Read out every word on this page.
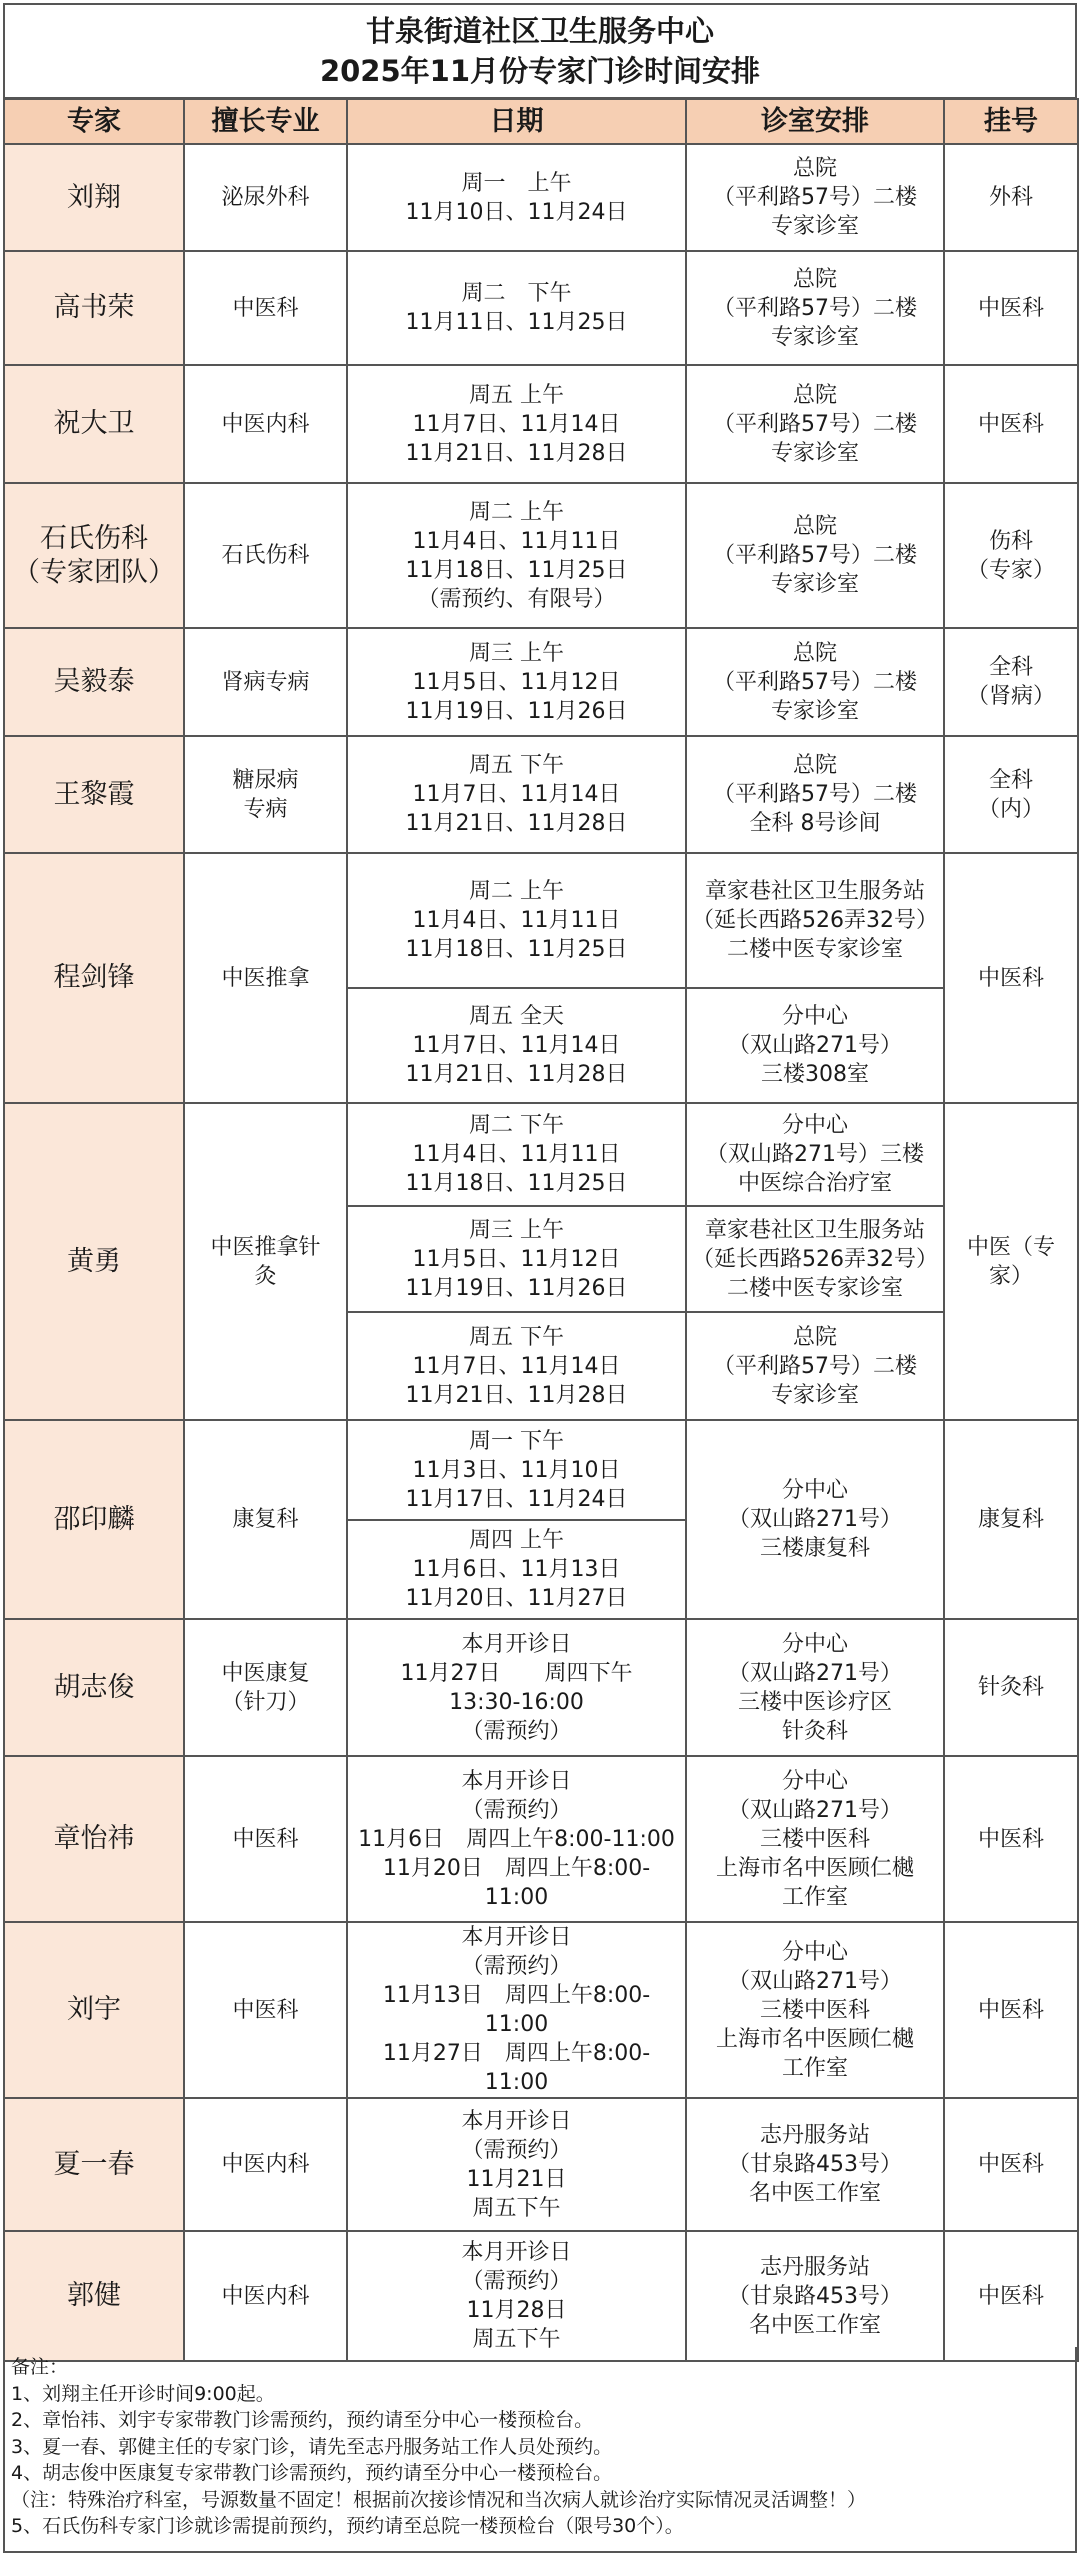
甘泉街道社区卫生服务中心
2025年11月份专家门诊时间安排
专家	擅长专业	日期	诊室安排	挂号
刘翔	泌尿外科	周一　上午
11月10日、11月24日	总院
（平利路57号）二楼
专家诊室	外科
高书荣	中医科	周二　下午
11月11日、11月25日	总院
（平利路57号）二楼
专家诊室	中医科
祝大卫	中医内科	周五 上午
11月7日、11月14日
11月21日、11月28日	总院
（平利路57号）二楼
专家诊室	中医科
石氏伤科
（专家团队）	石氏伤科	周二 上午
11月4日、11月11日
11月18日、11月25日
（需预约、有限号）	总院
（平利路57号）二楼
专家诊室	伤科
（专家）
吴毅泰	肾病专病	周三 上午
11月5日、11月12日
11月19日、11月26日	总院
（平利路57号）二楼
专家诊室	全科
（肾病）
王黎霞	糖尿病
专病	周五 下午
11月7日、11月14日
11月21日、11月28日	总院
（平利路57号）二楼
全科 8号诊间	全科
（内）
程剑锋	中医推拿	周二 上午
11月4日、11月11日
11月18日、11月25日	章家巷社区卫生服务站
（延长西路526弄32号）
二楼中医专家诊室	中医科
		周五 全天
11月7日、11月14日
11月21日、11月28日	分中心
（双山路271号）
三楼308室	
黄勇	中医推拿针
灸	周二 下午
11月4日、11月11日
11月18日、11月25日	分中心
（双山路271号）三楼
中医综合治疗室	中医（专
家）
		周三 上午
11月5日、11月12日
11月19日、11月26日	章家巷社区卫生服务站
（延长西路526弄32号）
二楼中医专家诊室	
		周五 下午
11月7日、11月14日
11月21日、11月28日	总院
（平利路57号）二楼
专家诊室	
邵印麟	康复科	周一 下午
11月3日、11月10日
11月17日、11月24日	分中心
（双山路271号）
三楼康复科	康复科
		周四 上午
11月6日、11月13日
11月20日、11月27日		
胡志俊	中医康复
（针刀）	本月开诊日
11月27日　　周四下午
13:30-16:00
（需预约）	分中心
（双山路271号）
三楼中医诊疗区
针灸科	针灸科
章怡祎	中医科	本月开诊日
（需预约）
11月6日　周四上午8:00-11:00
11月20日　周四上午8:00-11:00	分中心
（双山路271号）
三楼中医科
上海市名中医顾仁樾
工作室	中医科
刘宇	中医科	本月开诊日
（需预约）
11月13日　周四上午8:00-11:00
11月27日　周四上午8:00-11:00	分中心
（双山路271号）
三楼中医科
上海市名中医顾仁樾
工作室	中医科
夏一春	中医内科	本月开诊日
（需预约）
11月21日
周五下午	志丹服务站
（甘泉路453号）
名中医工作室	中医科
郭健	中医内科	本月开诊日
（需预约）
11月28日
周五下午	志丹服务站
（甘泉路453号）
名中医工作室	中医科
备注：
1、刘翔主任开诊时间9:00起。
2、章怡祎、刘宇专家带教门诊需预约，预约请至分中心一楼预检台。
3、夏一春、郭健主任的专家门诊，请先至志丹服务站工作人员处预约。
4、胡志俊中医康复专家带教门诊需预约，预约请至分中心一楼预检台。
（注：特殊治疗科室，号源数量不固定！根据前次接诊情况和当次病人就诊治疗实际情况灵活调整！）
5、石氏伤科专家门诊就诊需提前预约，预约请至总院一楼预检台（限号30个）。
